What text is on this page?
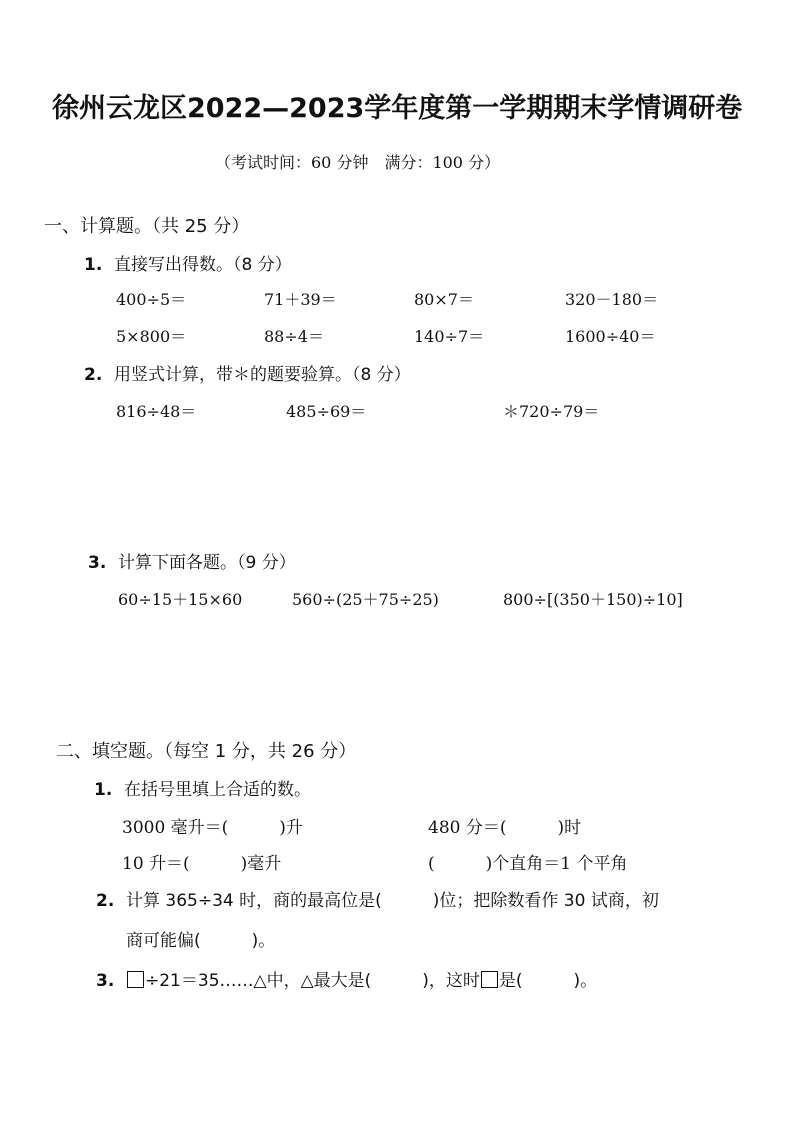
徐州云龙区2022—2023学年度第一学期期末学情调研卷
（考试时间：60 分钟　满分：100 分）
一、计算题。（共 25 分）
1. 直接写出得数。（8 分）
400÷5＝	71＋39＝	80×7＝	320－180＝
5×800＝	88÷4＝	140÷7＝	1600÷40＝
2. 用竖式计算，带＊的题要验算。（8 分）
816÷48＝	485÷69＝	＊720÷79＝
3. 计算下面各题。（9 分）
60÷15＋15×60	560÷(25＋75÷25)	800÷[(350＋150)÷10]
二、填空题。（每空 1 分，共 26 分）
1. 在括号里填上合适的数。
3000 毫升＝(　　　)升	480 分＝(　　　)时
10 升＝(　　　)毫升	(　　　)个直角＝1 个平角
2. 计算 365÷34 时，商的最高位是(　　　)位；把除数看作 30 试商，初
商可能偏(　　　)。
3. ÷21＝35……△中，△最大是(　　　)，这时 是(　　　)。
